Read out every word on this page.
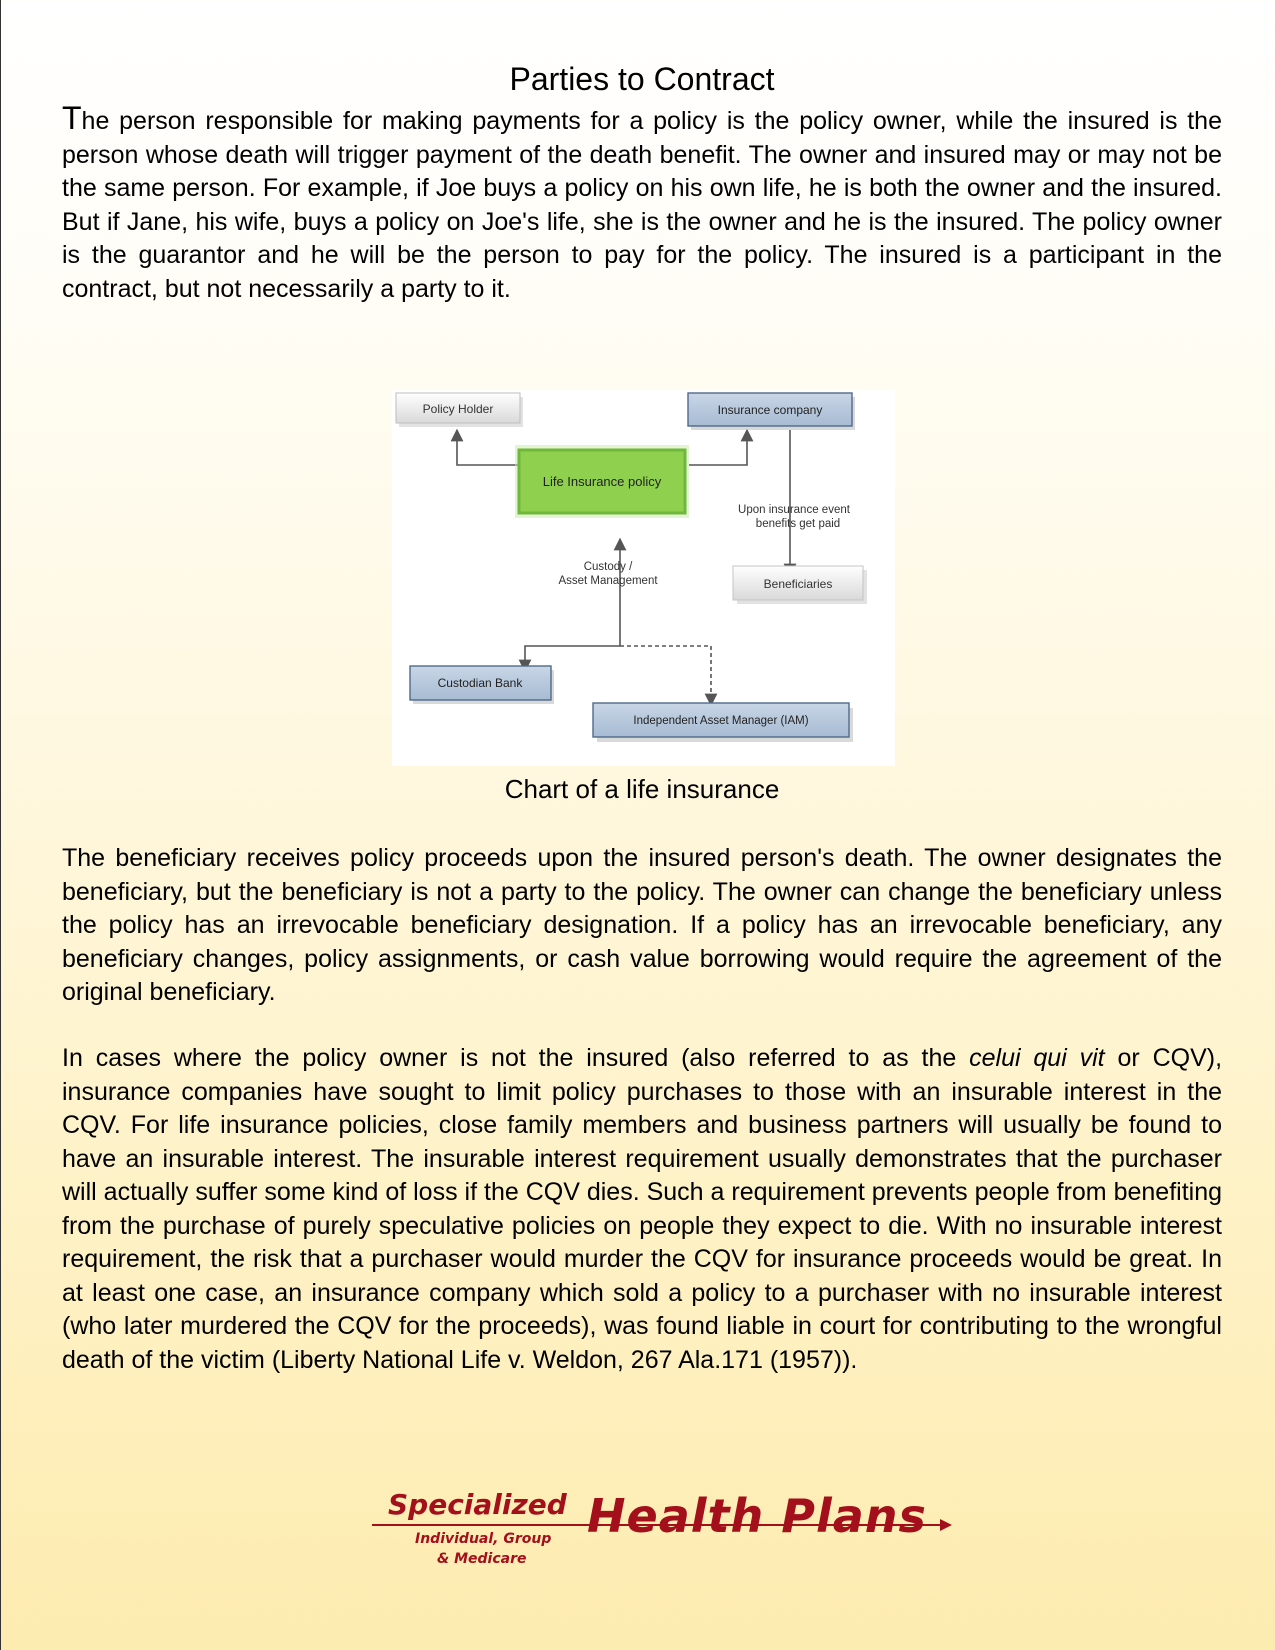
Parties to Contract

The person responsible for making payments for a policy is the policy owner, while the insured is the person whose death will trigger payment of the death benefit. The owner and insured may or may not be the same person. For example, if Joe buys a policy on his own life, he is both the owner and the insured. But if Jane, his wife, buys a policy on Joe's life, she is the owner and he is the insured. The policy owner is the guarantor and he will be the person to pay for the policy. The insured is a participant in the contract, but not necessarily a party to it.

Policy Holder	Insurance company
Life Insurance policy
Upon insurance event
benefits get paid
Beneficiaries
Custody /
Asset Management
Custodian Bank
Independent Asset Manager (IAM)
Chart of a life insurance

The beneficiary receives policy proceeds upon the insured person's death. The owner designates the beneficiary, but the beneficiary is not a party to the policy. The owner can change the beneficiary unless the policy has an irrevocable beneficiary designation. If a policy has an irrevocable beneficiary, any beneficiary changes, policy assignments, or cash value borrowing would require the agreement of the original beneficiary.

In cases where the policy owner is not the insured (also referred to as the celui qui vit or CQV), insurance companies have sought to limit policy purchases to those with an insurable interest in the CQV. For life insurance policies, close family members and business partners will usually be found to have an insurable interest. The insurable interest requirement usually demonstrates that the purchaser will actually suffer some kind of loss if the CQV dies. Such a requirement prevents people from benefiting from the purchase of purely speculative policies on people they expect to die. With no insurable interest requirement, the risk that a purchaser would murder the CQV for insurance proceeds would be great. In at least one case, an insurance company which sold a policy to a purchaser with no insurable interest (who later murdered the CQV for the proceeds), was found liable in court for contributing to the wrongful death of the victim (Liberty National Life v. Weldon, 267 Ala.171 (1957)).

Specialized
Individual, Group
& Medicare
Health Plans
